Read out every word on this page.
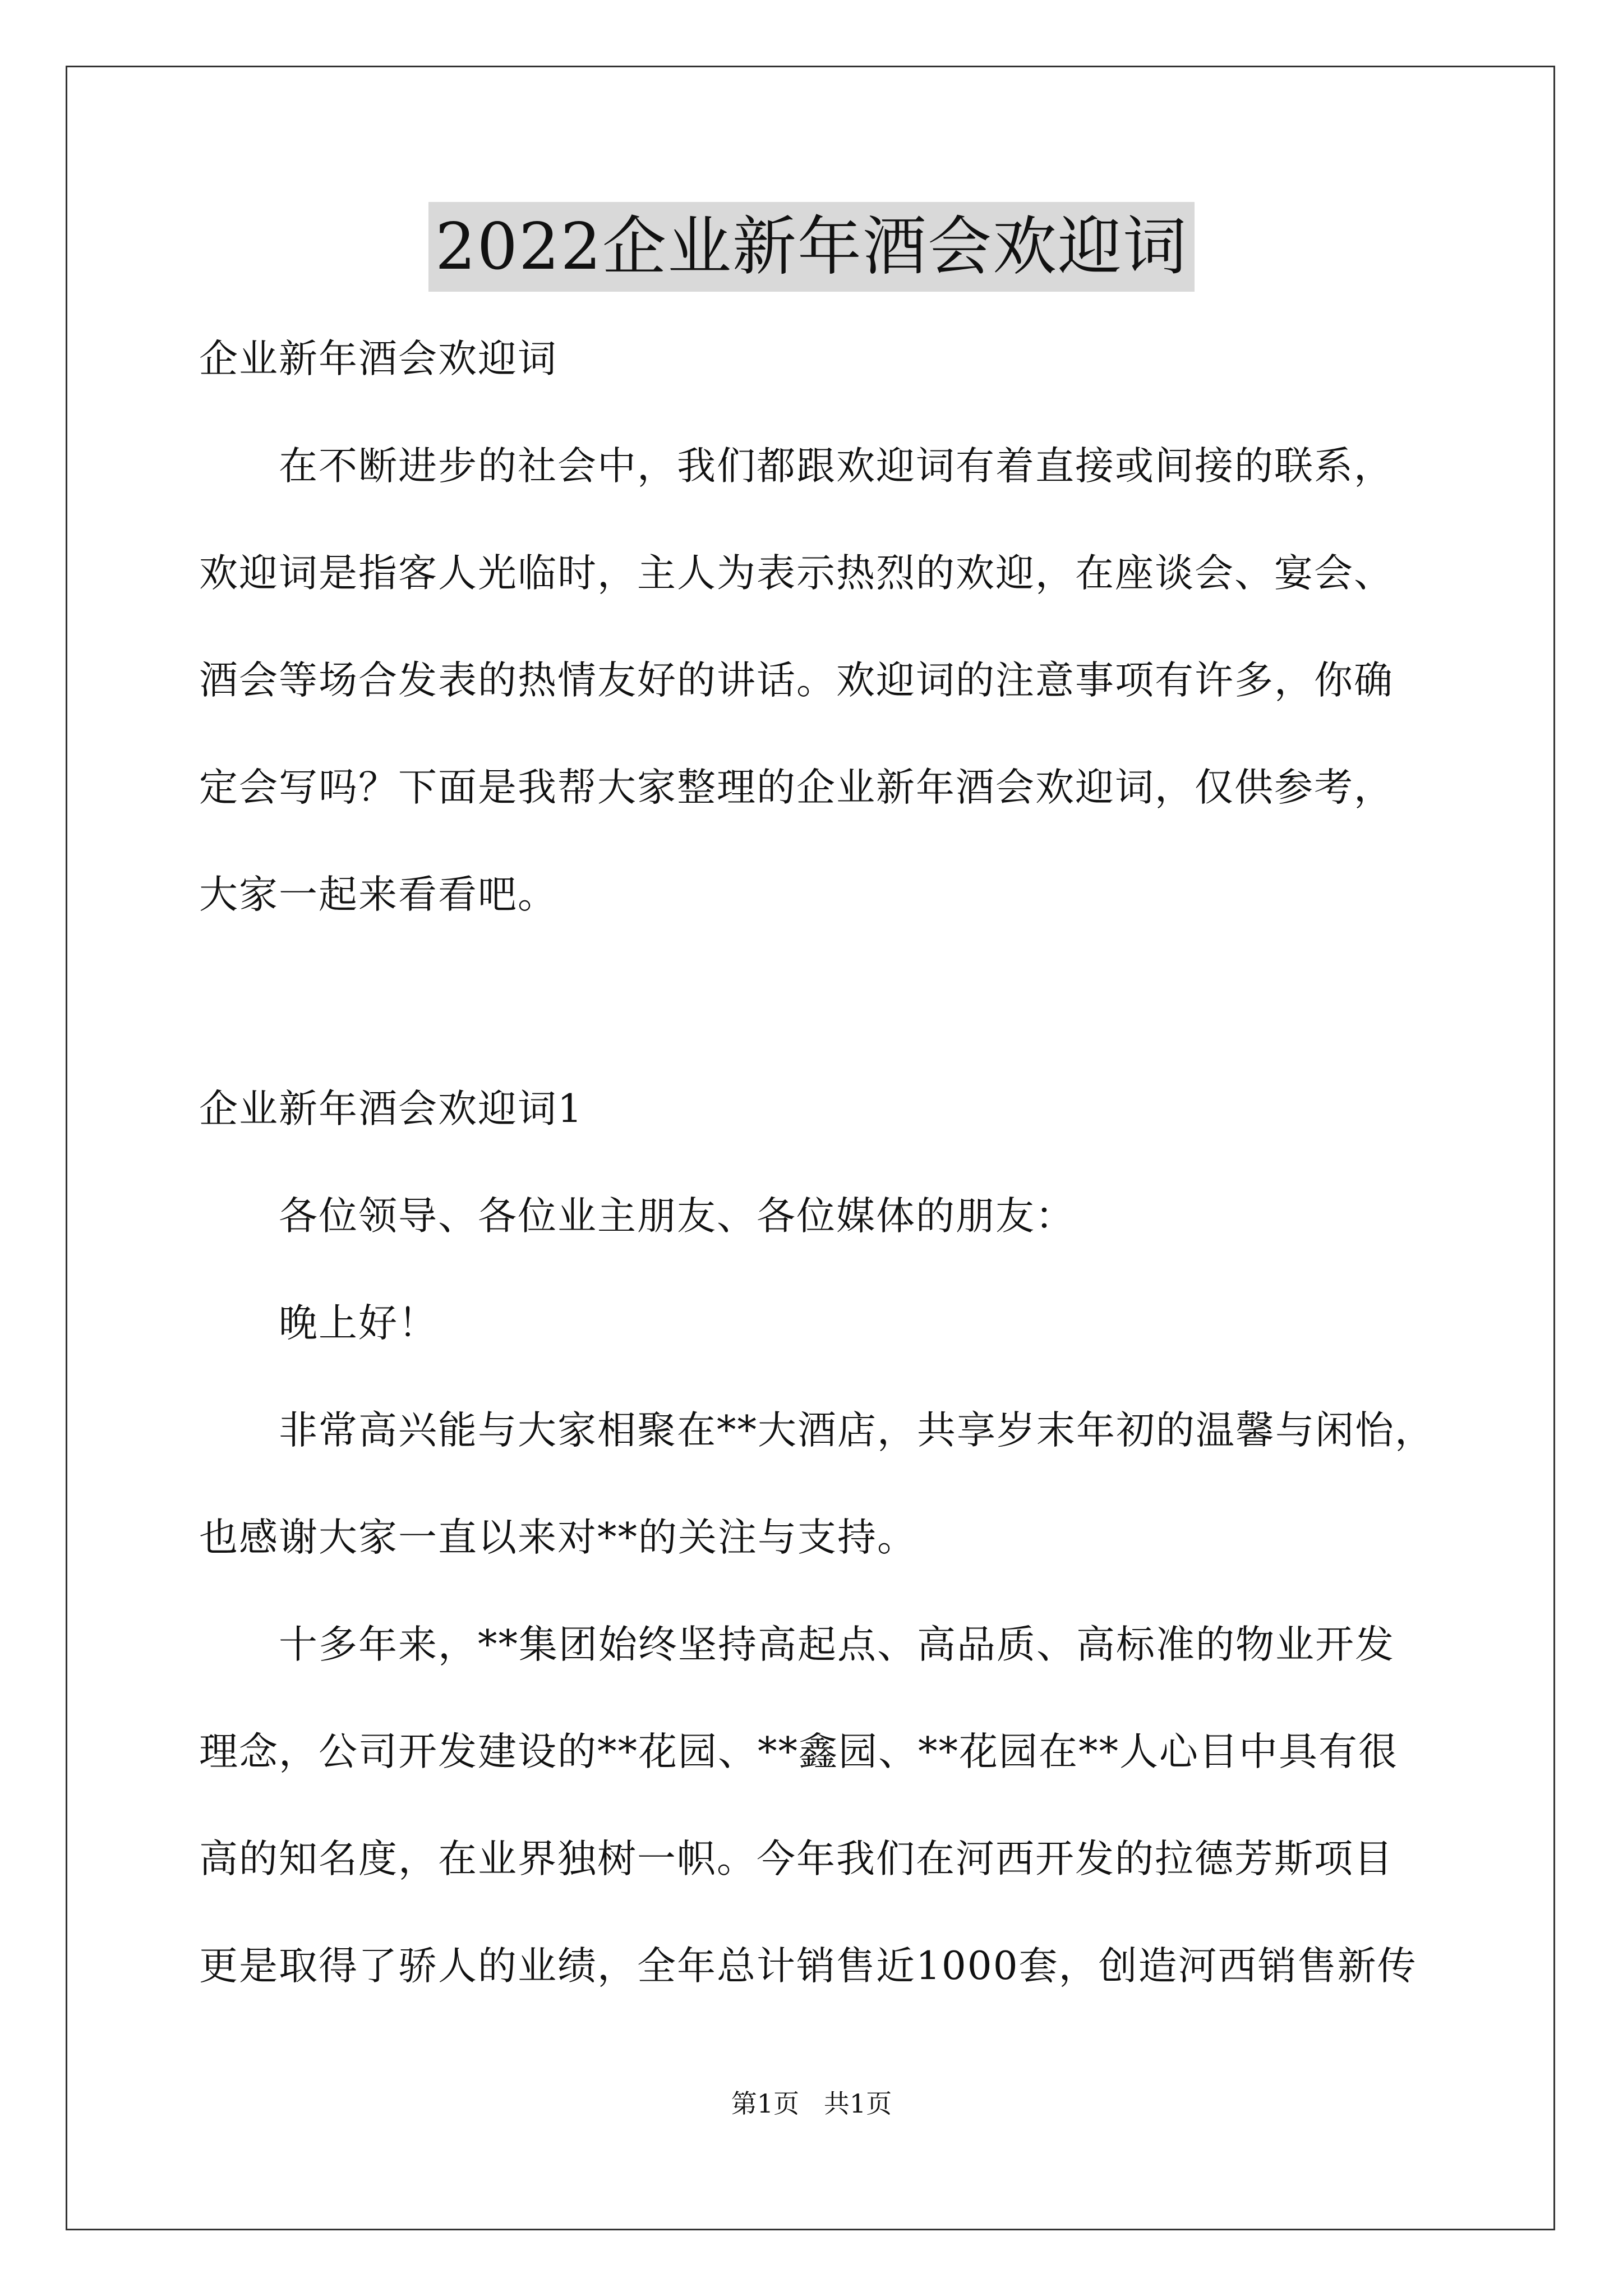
2022企业新年酒会欢迎词
企业新年酒会欢迎词
在不断进步的社会中，我们都跟欢迎词有着直接或间接的联系，
欢迎词是指客人光临时，主人为表示热烈的欢迎，在座谈会、宴会、
酒会等场合发表的热情友好的讲话。欢迎词的注意事项有许多，你确
定会写吗？下面是我帮大家整理的企业新年酒会欢迎词，仅供参考，
大家一起来看看吧。
企业新年酒会欢迎词1
各位领导、各位业主朋友、各位媒体的朋友：
晚上好！
非常高兴能与大家相聚在**大酒店，共享岁末年初的温馨与闲怡，
也感谢大家一直以来对**的关注与支持。
十多年来，**集团始终坚持高起点、高品质、高标准的物业开发
理念，公司开发建设的**花园、**鑫园、**花园在**人心目中具有很
高的知名度，在业界独树一帜。今年我们在河西开发的拉德芳斯项目
更是取得了骄人的业绩，全年总计销售近1000套，创造河西销售新传
第1页   共1页
